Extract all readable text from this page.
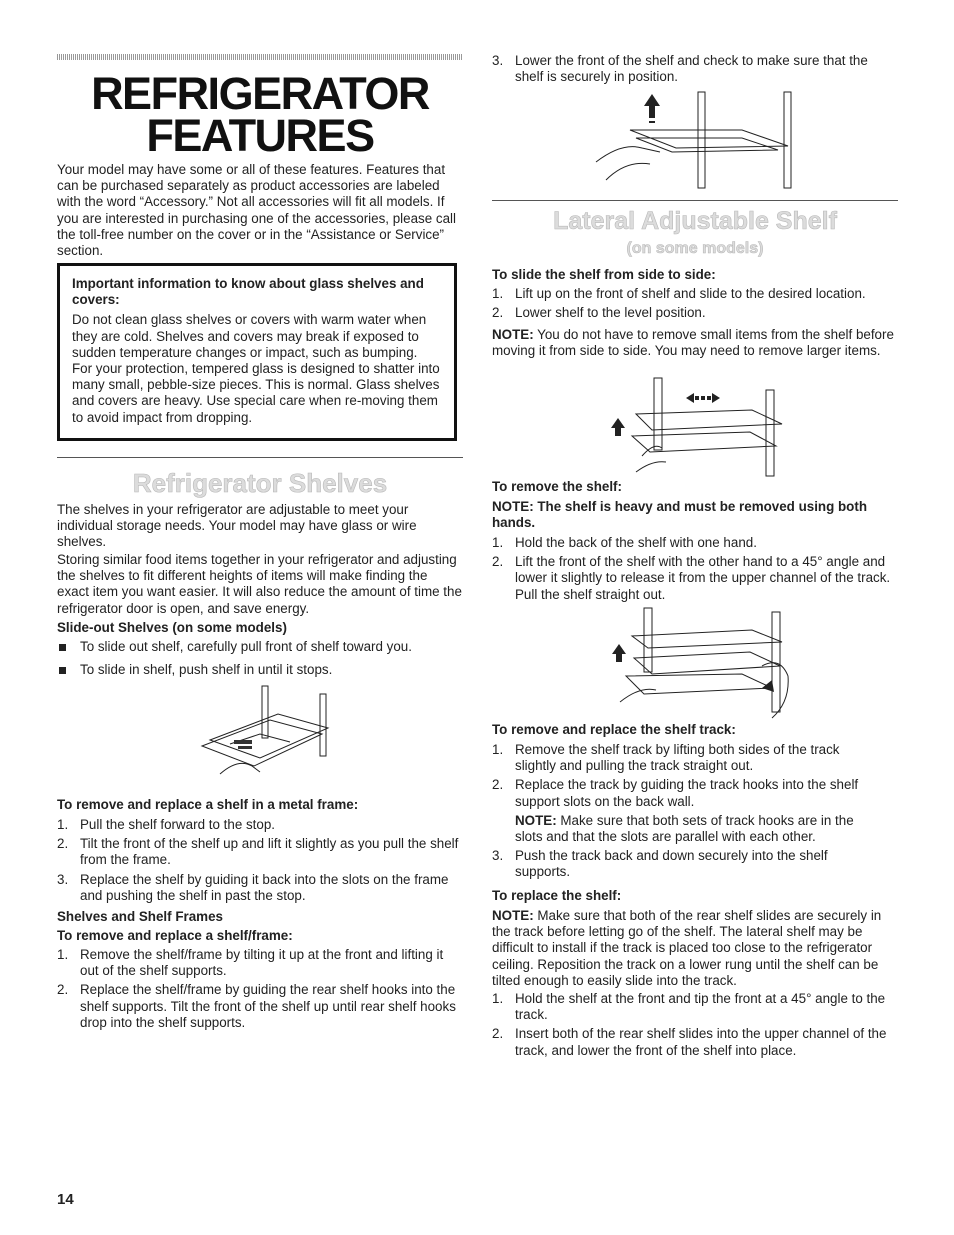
REFRIGERATOR
FEATURES

Your model may have some or all of these features. Features that can be purchased separately as product accessories are labeled with the word “Accessory.” Not all accessories will fit all models. If you are interested in purchasing one of the accessories, please call the toll-free number on the cover or in the “Assistance or Service” section.

Important information to know about glass shelves and covers:

Do not clean glass shelves or covers with warm water when they are cold. Shelves and covers may break if exposed to sudden temperature changes or impact, such as bumping. For your protection, tempered glass is designed to shatter into many small, pebble-size pieces. This is normal. Glass shelves and covers are heavy. Use special care when re-moving them to avoid impact from dropping.

Refrigerator Shelves

The shelves in your refrigerator are adjustable to meet your individual storage needs. Your model may have glass or wire shelves.

Storing similar food items together in your refrigerator and adjusting the shelves to fit different heights of items will make finding the exact item you want easier. It will also reduce the amount of time the refrigerator door is open, and save energy.

Slide-out Shelves (on some models)

To slide out shelf, carefully pull front of shelf toward you.
To slide in shelf, push shelf in until it stops.

To remove and replace a shelf in a metal frame:

1. Pull the shelf forward to the stop.
2. Tilt the front of the shelf up and lift it slightly as you pull the shelf from the frame.
3. Replace the shelf by guiding it back into the slots on the frame and pushing the shelf in past the stop.

Shelves and Shelf Frames

To remove and replace a shelf/frame:

1. Remove the shelf/frame by tilting it up at the front and lifting it out of the shelf supports.
2. Replace the shelf/frame by guiding the rear shelf hooks into the shelf supports. Tilt the front of the shelf up until rear shelf hooks drop into the shelf supports.
3. Lower the front of the shelf and check to make sure that the shelf is securely in position.
Lateral Adjustable Shelf
(on some models)

To slide the shelf from side to side:

1. Lift up on the front of shelf and slide to the desired location.
2. Lower shelf to the level position.

NOTE: You do not have to remove small items from the shelf before moving it from side to side. You may need to remove larger items.

To remove the shelf:

NOTE: The shelf is heavy and must be removed using both hands.

1. Hold the back of the shelf with one hand.
2. Lift the front of the shelf with the other hand to a 45° angle and lower it slightly to release it from the upper channel of the track. Pull the shelf straight out.

To remove and replace the shelf track:

1. Remove the shelf track by lifting both sides of the track slightly and pulling the track straight out.
2. Replace the track by guiding the track hooks into the shelf support slots on the back wall.
NOTE: Make sure that both sets of track hooks are in the slots and that the slots are parallel with each other.
3. Push the track back and down securely into the shelf supports.

To replace the shelf:

NOTE: Make sure that both of the rear shelf slides are securely in the track before letting go of the shelf. The lateral shelf may be difficult to install if the track is placed too close to the refrigerator ceiling. Reposition the track on a lower rung until the shelf can be tilted enough to easily slide into the track.

1. Hold the shelf at the front and tip the front at a 45° angle to the track.
2. Insert both of the rear shelf slides into the upper channel of the track, and lower the front of the shelf into place.
14
